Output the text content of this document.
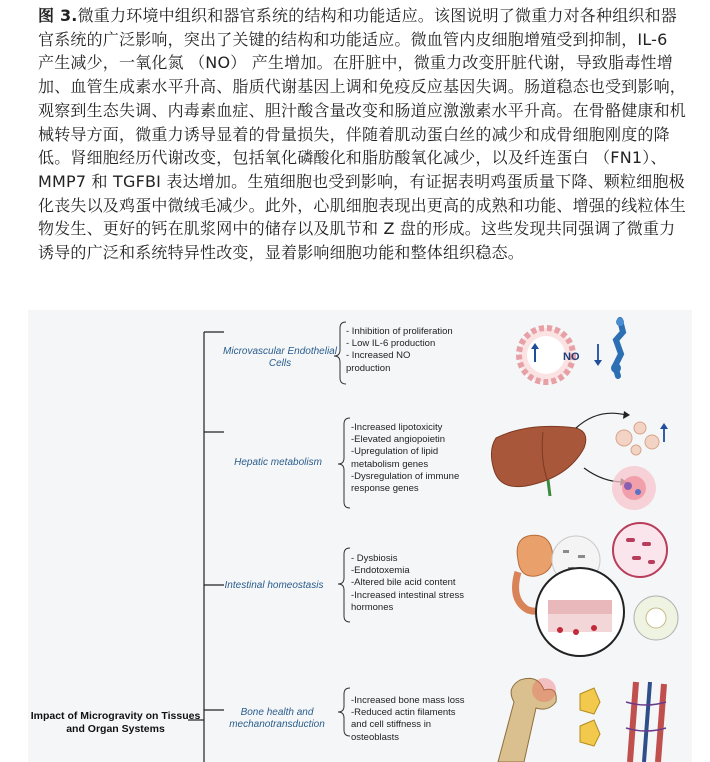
图 3.微重力环境中组织和器官系统的结构和功能适应。该图说明了微重力对各种组织和器官系统的广泛影响，突出了关键的结构和功能适应。微血管内皮细胞增殖受到抑制，IL-6 产生减少，一氧化氮 （NO） 产生增加。在肝脏中，微重力改变肝脏代谢，导致脂毒性增加、血管生成素水平升高、脂质代谢基因上调和免疫反应基因失调。肠道稳态也受到影响，观察到生态失调、内毒素血症、胆汁酸含量改变和肠道应激激素水平升高。在骨骼健康和机械转导方面，微重力诱导显着的骨量损失，伴随着肌动蛋白丝的减少和成骨细胞刚度的降低。肾细胞经历代谢改变，包括氧化磷酸化和脂肪酸氧化减少，以及纤连蛋白 （FN1）、MMP7 和 TGFBI 表达增加。生殖细胞也受到影响，有证据表明鸡蛋质量下降、颗粒细胞极化丧失以及鸡蛋中微绒毛减少。此外，心肌细胞表现出更高的成熟和功能、增强的线粒体生物发生、更好的钙在肌浆网中的储存以及肌节和 Z 盘的形成。这些发现共同强调了微重力诱导的广泛和系统特异性改变，显着影响细胞功能和整体组织稳态。
NO
Microvascular Endothelial Cells
- Inhibition of proliferation
- Low IL-6 production
- Increased NO
production
Hepatic metabolism
-Increased lipotoxicity
-Elevated angiopoietin
-Upregulation of lipid
metabolism genes
-Dysregulation of immune
response genes
Intestinal homeostasis
- Dysbiosis
-Endotoxemia
-Altered bile acid content
-Increased intestinal stress
hormones
Bone health and mechanotransduction
-Increased bone mass loss
-Reduced actin filaments
and cell stiffness in
osteoblasts
Impact of Microgravity on Tissues and Organ Systems
